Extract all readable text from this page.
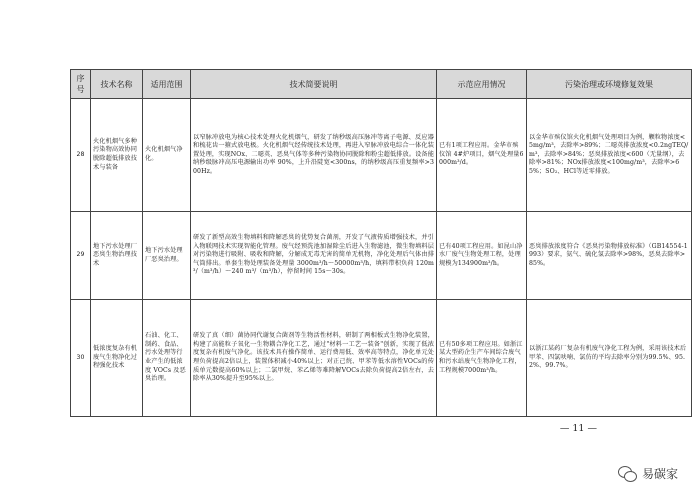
序号	技术名称	适用范围	技术简要说明	示范应用情况	污染治理或环境修复效果
28	火化机烟气多种污染物高效协同脱除超低排放技术与装备	火化机烟气净化。	以窄脉冲放电为核心技术处理火化机烟气，研发了纳秒级高压脉冲等离子电源、反应器和梳花齿一箍式放电极。火化机烟气经传统技术处理，再进入窄脉冲放电综合一体化装置处理，实现NOx、二噁英、恶臭气体等多种污染物协同脱除和粉尘超低排放。设备能纳秒级脉冲高压电源输出功率 90%，上升沿陡宽<300ns，的纳秒级高压重复频率>300Hz。	已有1项工程应用。金华市殡仪馆 4#炉项目，烟气处理量6000m³/d。	以金华市殡仪馆火化机烟气处理项目为例，颗粒物浓度<5mg/m³，去除率>89%；二噁英排放浓度<0.2ngTEQ/m³，去除率>84%；恶臭排放浓度<600（无量纲），去除率>81%；NOx排放浓度<100mg/m³，去除率>65%；SO₂、HCl等近零排放。
29	地下污水处理厂恶臭生物治理技术	地下污水处理厂恶臭治理。	研发了新型高效生物填料和降解恶臭的优势复合菌剂，开发了气液传质增强技术，并引入物联网技术实现智能化管理。废气经预洗池加湿除尘后进入生物滤池，微生物填料层对污染物进行吸附、吸收和降解，分解成无毒无害的简单无机物，净化处理后气体由排气筒排出。单套生物处理装备处理量 3000m³/h～50000m³/h，填料带积负荷 120m³/（m³/h）～240 m³/（m³/h），停留时间 15s～30s。	已有40项工程应用。如昆山净水厂废气生物处理工程，处理规模为134900m³/h。	恶臭排放浓度符合《恶臭污染物排放标准》（GB14554-1993）要求，氨气、硫化氢去除率>98%，恶臭去除率>85%。
30	低浓度复杂有机废气生物净化过程强化技术	石油、化工、制药、食品、污水处理等行业产生的低浓度 VOCs 及恶臭治理。	研发了真（细）菌协同代谢复合菌剂等生物活性材料，研制了两相板式生物净化装置，构建了高能粒子氧化一生物耦合净化工艺，通过"材料一工艺一装备"创新，实现了低浓度复杂有机废气净化。该技术具有操作简单、运行费用低、效率高等特点，净化单元处理负荷提高2倍以上，装置体积减小40%以上；对正己烷、甲苯等低水溶性VOCs的传质单元数提高60%以上；二氯甲烷、苯乙烯等难降解VOCs去除负荷提高2倍左右，去除率从30%提升至95%以上。	已有50多项工程应用。如浙江某大型药企生产车间综合废气和污水站废气生物净化工程，工程规模7000m³/h。	以浙江某药厂复杂有机废气净化工程为例，采用该技术后甲苯、四氯呋喃、氯仿的平均去除率分别为99.5%、95.2%、99.7%。
— 11 —
易碳家
